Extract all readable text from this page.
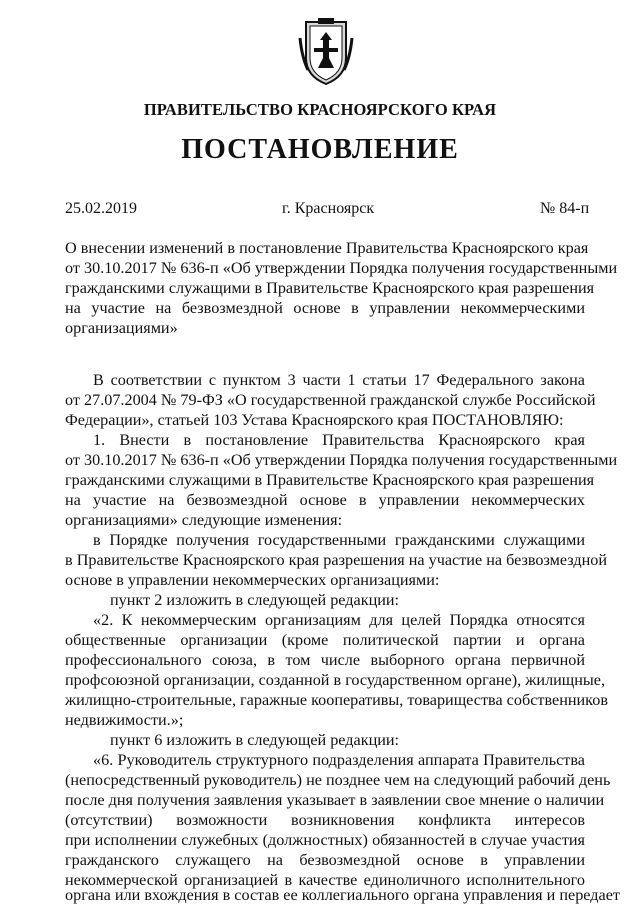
ПРАВИТЕЛЬСТВО КРАСНОЯРСКОГО КРАЯ
ПОСТАНОВЛЕНИЕ
25.02.2019	г. Красноярск	№ 84-п
О внесении изменений в постановление Правительства Красноярского края
от 30.10.2017 № 636-п «Об утверждении Порядка получения государственными
гражданскими служащими в Правительстве Красноярского края разрешения
на участие на безвозмездной основе в управлении некоммерческими
организациями»
В соответствии с пунктом 3 части 1 статьи 17 Федерального закона
от 27.07.2004 № 79-ФЗ «О государственной гражданской службе Российской
Федерации», статьей 103 Устава Красноярского края ПОСТАНОВЛЯЮ:
1. Внести в постановление Правительства Красноярского края
от 30.10.2017 № 636-п «Об утверждении Порядка получения государственными
гражданскими служащими в Правительстве Красноярского края разрешения
на участие на безвозмездной основе в управлении некоммерческих
организациями» следующие изменения:
в Порядке получения государственными гражданскими служащими
в Правительстве Красноярского края разрешения на участие на безвозмездной
основе в управлении некоммерческих организациями:
пункт 2 изложить в следующей редакции:
«2. К некоммерческим организациям для целей Порядка относятся
общественные организации (кроме политической партии и органа
профессионального союза, в том числе выборного органа первичной
профсоюзной организации, созданной в государственном органе), жилищные,
жилищно-строительные, гаражные кооперативы, товарищества собственников
недвижимости.»;
пункт 6 изложить в следующей редакции:
«6. Руководитель структурного подразделения аппарата Правительства
(непосредственный руководитель) не позднее чем на следующий рабочий день
после дня получения заявления указывает в заявлении свое мнение о наличии
(отсутствии) возможности возникновения конфликта интересов
при исполнении служебных (должностных) обязанностей в случае участия
гражданского служащего на безвозмездной основе в управлении
некоммерческой организацией в качестве единоличного исполнительного
органа или вхождения в состав ее коллегиального органа управления и передает
